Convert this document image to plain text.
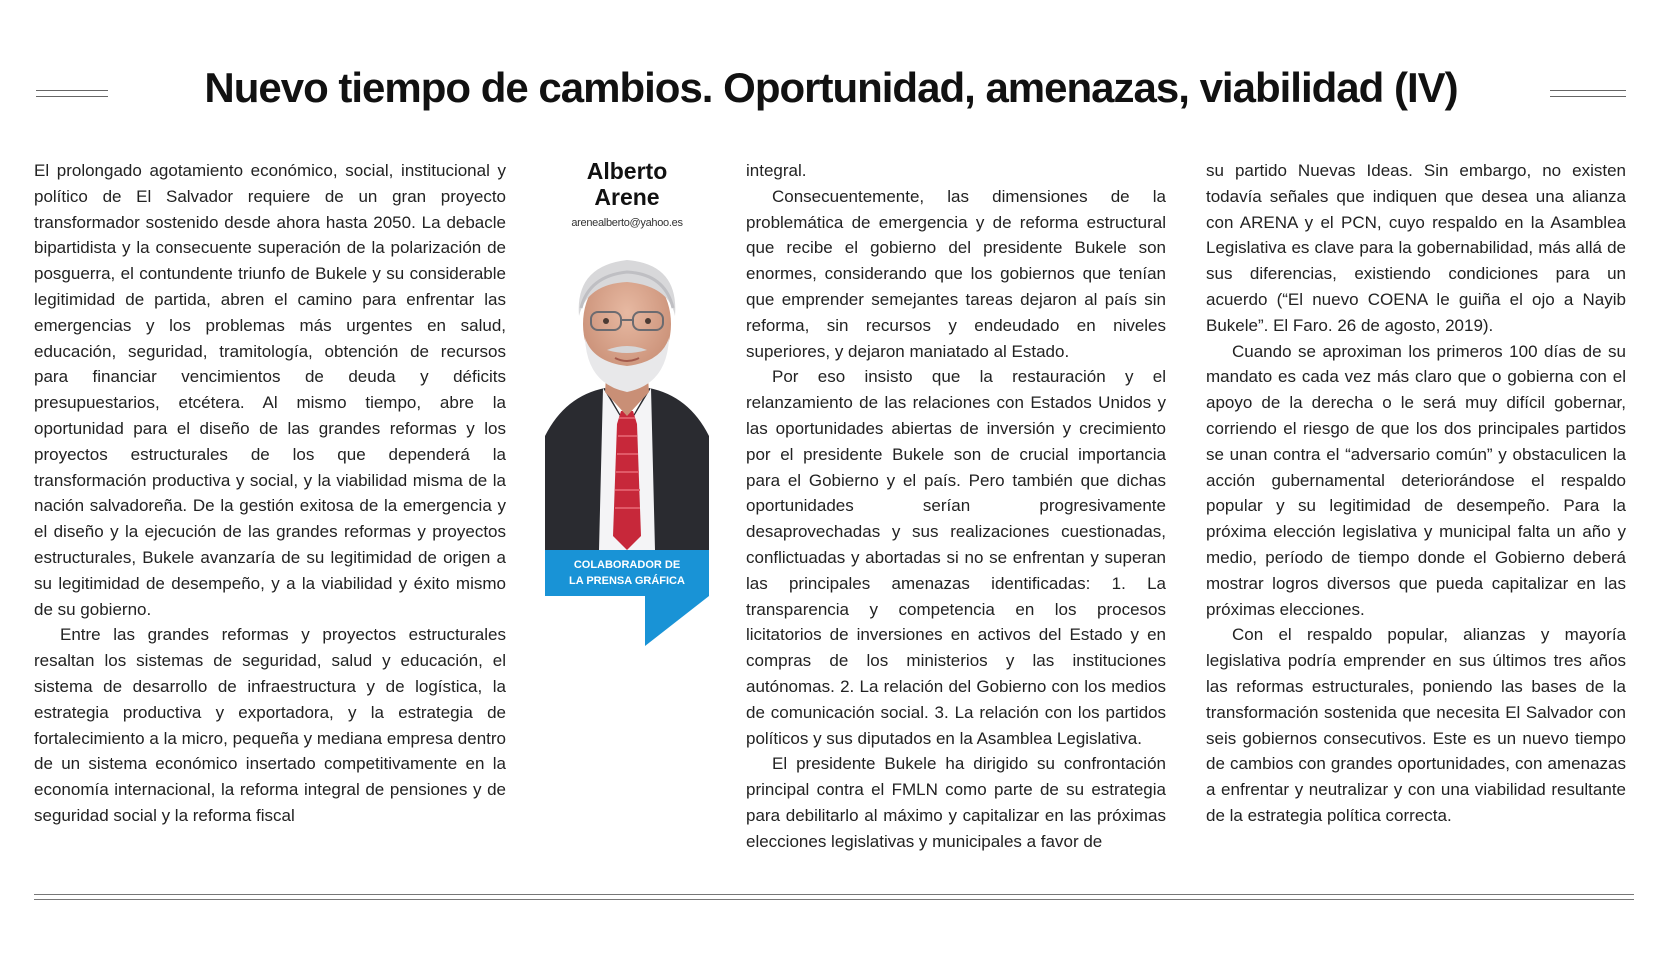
Nuevo tiempo de cambios. Oportunidad, amenazas, viabilidad (IV)

El prolongado agotamiento económico, social, institucional y político de El Salvador requiere de un gran proyecto transformador sostenido desde ahora hasta 2050. La debacle bipartidista y la consecuente superación de la polarización de posguerra, el contundente triunfo de Bukele y su considerable legitimidad de partida, abren el camino para enfrentar las emergencias y los problemas más urgentes en salud, educación, seguridad, tramitología, obtención de recursos para financiar vencimientos de deuda y déficits presupuestarios, etcétera. Al mismo tiempo, abre la oportunidad para el diseño de las grandes reformas y los proyectos estructurales de los que dependerá la transformación productiva y social, y la viabilidad misma de la nación salvadoreña. De la gestión exitosa de la emergencia y el diseño y la ejecución de las grandes reformas y proyectos estructurales, Bukele avanzaría de su legitimidad de origen a su legitimidad de desempeño, y a la viabilidad y éxito mismo de su gobierno.

Entre las grandes reformas y proyectos estructurales resaltan los sistemas de seguridad, salud y educación, el sistema de desarrollo de infraestructura y de logística, la estrategia productiva y exportadora, y la estrategia de fortalecimiento a la micro, pequeña y mediana empresa dentro de un sistema económico insertado competitivamente en la economía internacional, la reforma integral de pensiones y de seguridad social y la reforma fiscal

Alberto
Arene

arenealberto@yahoo.es
COLABORADOR DE
LA PRENSA GRÁFICA

integral.

Consecuentemente, las dimensiones de la problemática de emergencia y de reforma estructural que recibe el gobierno del presidente Bukele son enormes, considerando que los gobiernos que tenían que emprender semejantes tareas dejaron al país sin reforma, sin recursos y endeudado en niveles superiores, y dejaron maniatado al Estado.

Por eso insisto que la restauración y el relanzamiento de las relaciones con Estados Unidos y las oportunidades abiertas de inversión y crecimiento por el presidente Bukele son de crucial importancia para el Gobierno y el país. Pero también que dichas oportunidades serían progresivamente desaprovechadas y sus realizaciones cuestionadas, conflictuadas y abortadas si no se enfrentan y superan las principales amenazas identificadas: 1. La transparencia y competencia en los procesos licitatorios de inversiones en activos del Estado y en compras de los ministerios y las instituciones autónomas. 2. La relación del Gobierno con los medios de comunicación social. 3. La relación con los partidos políticos y sus diputados en la Asamblea Legislativa.

El presidente Bukele ha dirigido su confrontación principal contra el FMLN como parte de su estrategia para debilitarlo al máximo y capitalizar en las próximas elecciones legislativas y municipales a favor de

su partido Nuevas Ideas. Sin embargo, no existen todavía señales que indiquen que desea una alianza con ARENA y el PCN, cuyo respaldo en la Asamblea Legislativa es clave para la gobernabilidad, más allá de sus diferencias, existiendo condiciones para un acuerdo (“El nuevo COENA le guiña el ojo a Nayib Bukele”. El Faro. 26 de agosto, 2019).

Cuando se aproximan los primeros 100 días de su mandato es cada vez más claro que o gobierna con el apoyo de la derecha o le será muy difícil gobernar, corriendo el riesgo de que los dos principales partidos se unan contra el “adversario común” y obstaculicen la acción gubernamental deteriorándose el respaldo popular y su legitimidad de desempeño. Para la próxima elección legislativa y municipal falta un año y medio, período de tiempo donde el Gobierno deberá mostrar logros diversos que pueda capitalizar en las próximas elecciones.

Con el respaldo popular, alianzas y mayoría legislativa podría emprender en sus últimos tres años las reformas estructurales, poniendo las bases de la transformación sostenida que necesita El Salvador con seis gobiernos consecutivos. Este es un nuevo tiempo de cambios con grandes oportunidades, con amenazas a enfrentar y neutralizar y con una viabilidad resultante de la estrategia política correcta.
